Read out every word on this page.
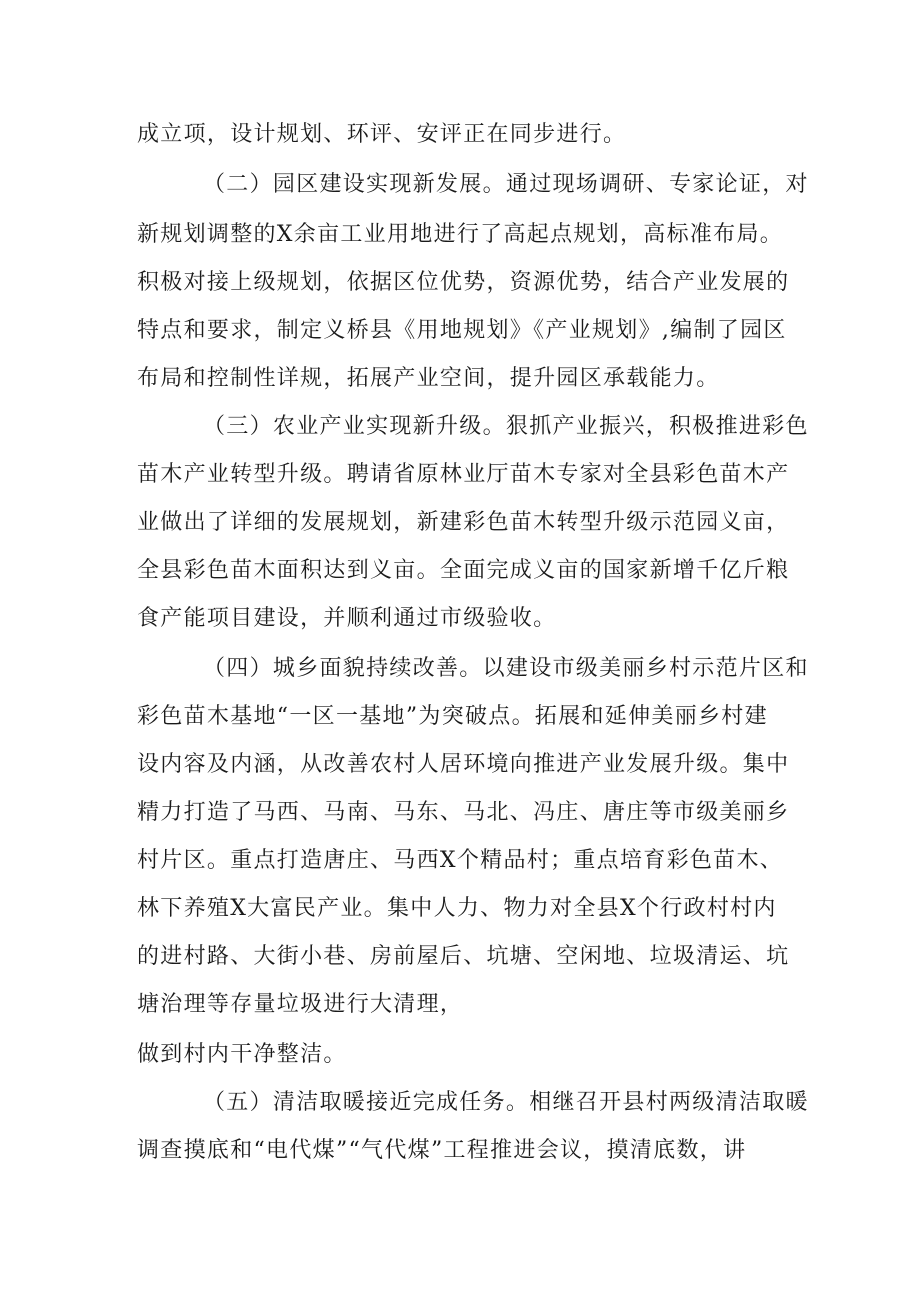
成立项，设计规划、环评、安评正在同步进行。
（二）园区建设实现新发展。通过现场调研、专家论证，对
新规划调整的X余亩工业用地进行了高起点规划，高标准布局。
积极对接上级规划，依据区位优势，资源优势，结合产业发展的
特点和要求，制定义桥县《用地规划》《产业规划》,编制了园区
布局和控制性详规，拓展产业空间，提升园区承载能力。
（三）农业产业实现新升级。狠抓产业振兴，积极推进彩色
苗木产业转型升级。聘请省原林业厅苗木专家对全县彩色苗木产
业做出了详细的发展规划，新建彩色苗木转型升级示范园义亩，
全县彩色苗木面积达到义亩。全面完成义亩的国家新增千亿斤粮
食产能项目建设，并顺利通过市级验收。
（四）城乡面貌持续改善。以建设市级美丽乡村示范片区和
彩色苗木基地“一区一基地”为突破点。拓展和延伸美丽乡村建
设内容及内涵，从改善农村人居环境向推进产业发展升级。集中
精力打造了马西、马南、马东、马北、冯庄、唐庄等市级美丽乡
村片区。重点打造唐庄、马西X个精品村；重点培育彩色苗木、
林下养殖X大富民产业。集中人力、物力对全县X个行政村村内
的进村路、大街小巷、房前屋后、坑塘、空闲地、垃圾清运、坑
塘治理等存量垃圾进行大清理，
做到村内干净整洁。
（五）清洁取暖接近完成任务。相继召开县村两级清洁取暖
调查摸底和“电代煤”“气代煤”工程推进会议，摸清底数，讲
